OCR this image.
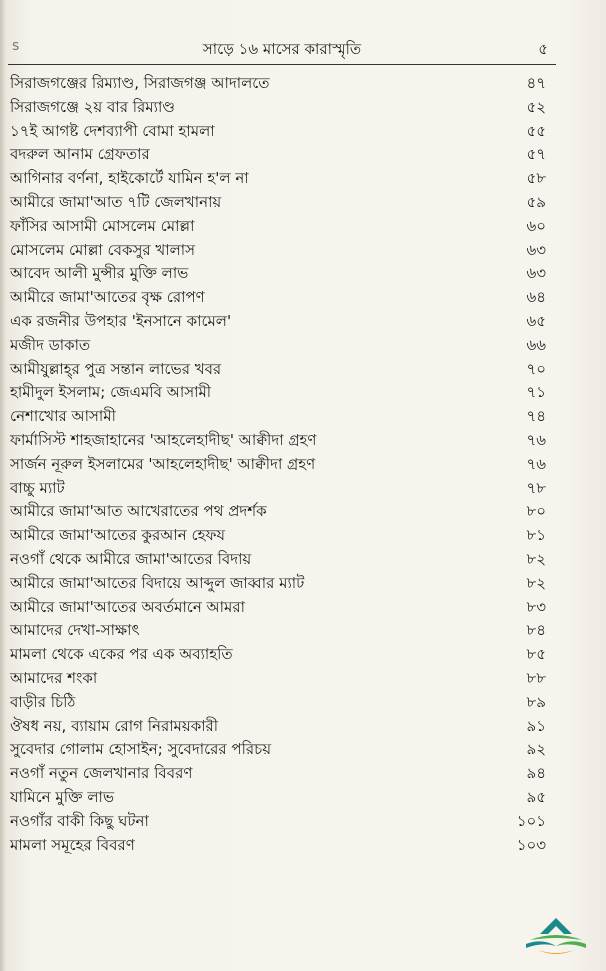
s	সাড়ে ১৬ মাসের কারাস্মৃতি	৫
সিরাজগঞ্জের রিম্যাণ্ড, সিরাজগঞ্জ আদালতে	৪৭
সিরাজগঞ্জে ২য় বার রিম্যাণ্ড	৫২
১৭ই আগষ্ট দেশব্যাপী বোমা হামলা	৫৫
বদরুল আনাম গ্রেফতার	৫৭
আগিনার বর্ণনা, হাইকোর্টে যামিন হ'ল না	৫৮
আমীরে জামা'আত ৭টি জেলখানায়	৫৯
ফাঁসির আসামী মোসলেম মোল্লা	৬০
মোসলেম মোল্লা বেকসুর খালাস	৬৩
আবেদ আলী মুন্সীর মুক্তি লাভ	৬৩
আমীরে জামা'আতের বৃক্ষ রোপণ	৬৪
এক রজনীর উপহার 'ইনসানে কামেল'	৬৫
মজীদ ডাকাত	৬৬
আমীযুল্লাহ্‌র পুত্র সন্তান লাভের খবর	৭০
হামীদুল ইসলাম; জেএমবি আসামী	৭১
নেশাখোর আসামী	৭৪
ফার্মাসিস্ট শাহজাহানের 'আহলেহাদীছ' আক্বীদা গ্রহণ	৭৬
সার্জন নূরুল ইসলামের 'আহলেহাদীছ' আক্বীদা গ্রহণ	৭৬
বাচ্চু ম্যাট	৭৮
আমীরে জামা'আত আখেরাতের পথ প্রদর্শক	৮০
আমীরে জামা'আতের কুরআন হেফয	৮১
নওগাঁ থেকে আমীরে জামা'আতের বিদায়	৮২
আমীরে জামা'আতের বিদায়ে আব্দুল জাব্বার ম্যাট	৮২
আমীরে জামা'আতের অবর্তমানে আমরা	৮৩
আমাদের দেখা-সাক্ষাৎ	৮৪
মামলা থেকে একের পর এক অব্যাহতি	৮৫
আমাদের শংকা	৮৮
বাড়ীর চিঠি	৮৯
ঔষধ নয়, ব্যায়াম রোগ নিরাময়কারী	৯১
সুবেদার গোলাম হোসাইন; সুবেদারের পরিচয়	৯২
নওগাঁ নতুন জেলখানার বিবরণ	৯৪
যামিনে মুক্তি লাভ	৯৫
নওগাঁর বাকী কিছু ঘটনা	১০১
মামলা সমূহের বিবরণ	১০৩
